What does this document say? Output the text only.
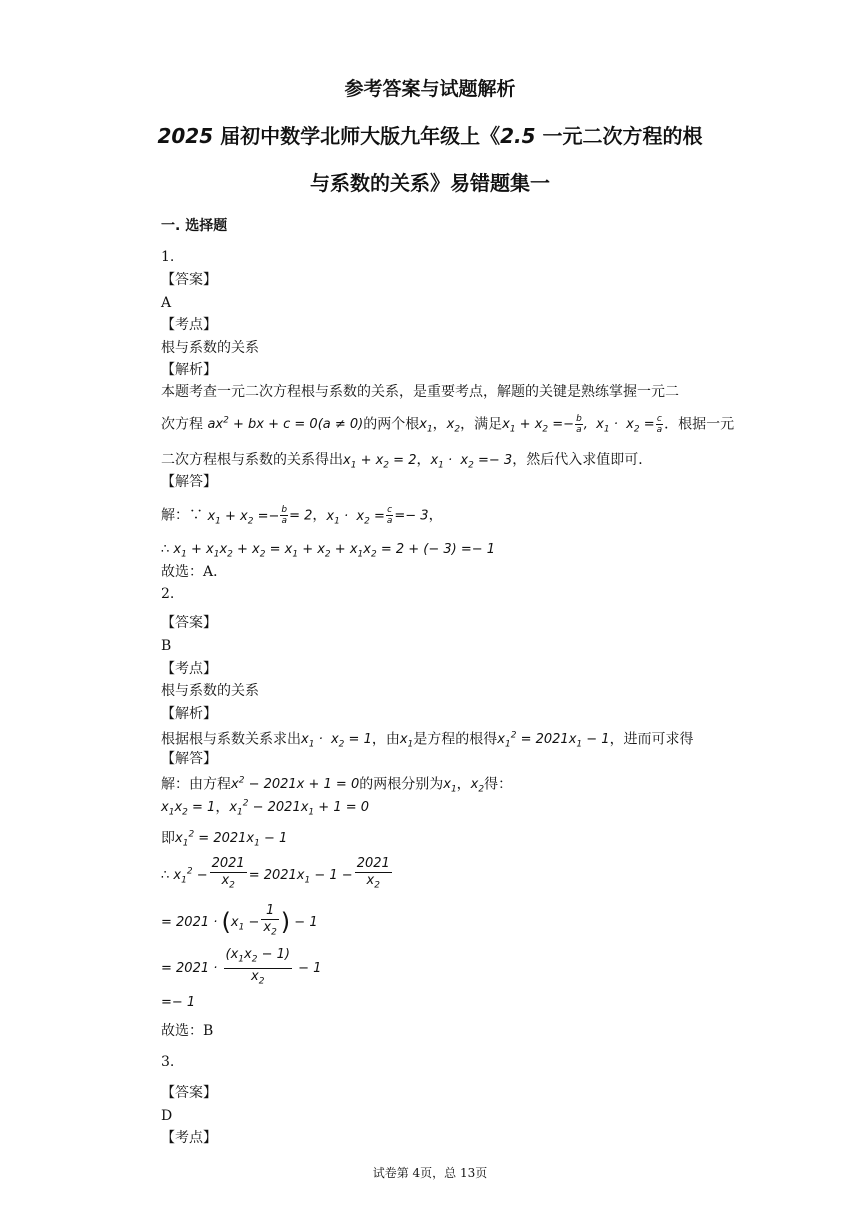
参考答案与试题解析
2025 届初中数学北师大版九年级上《2.5 一元二次方程的根
与系数的关系》易错题集一
一. 选择题
1.
【答案】
A
【考点】
根与系数的关系
【解析】
本题考查一元二次方程根与系数的关系，是重要考点，解题的关键是熟练掌握一元二
次方程 $ax^2$ + bx + c = 0(a ≠ 0)的两个根$x_1$，$x_2$，满足$x_1 + x_2 =- \frac{b}{a}$ ,  $x_1 \cdot x_2 = \frac{c}{a}$ ．根据一元
二次方程根与系数的关系得出$x_1 + x_2 = 2$，$x_1 \cdot x_2 =- 3$，然后代入求值即可．
【解答】
解：∵ $x_1 + x_2 =- \frac{b}{a} = 2$，$x_1 \cdot x_2 = \frac{c}{a} =- 3$，
∴ $x_1 + x_1x_2 + x_2 = x_1 + x_2 + x_1x_2 = 2$ + (− 3) =− 1
故选：A．
2.
【答案】
B
【考点】
根与系数的关系
【解析】
根据根与系数关系求出$x_1 \cdot x_2 = 1$，由$x_1$是方程的根得$x_1^2 = 2021x_1 - 1$，进而可求得
【解答】
解：由方程$x^2 - 2021x + 1 = 0$的两根分别为$x_1$，$x_2$得：
$x_1x_2 = 1$，$x_1^2 - 2021x_1 + 1 = 0$
即$x_1^2 = 2021x_1 - 1$
∴ $x_1^2 - \frac{2021}{x_2} = 2021x_1 - 1 - \frac{2021}{x_2}$
= $2021 \cdot (x_1 - \frac{1}{x_2}$ ) − 1
= $2021 \cdot \frac{(x_1x_2 - 1)}{x_2} - 1$
=− 1
故选：B
3.
【答案】
D
【考点】
试卷第 4页，总 13页
